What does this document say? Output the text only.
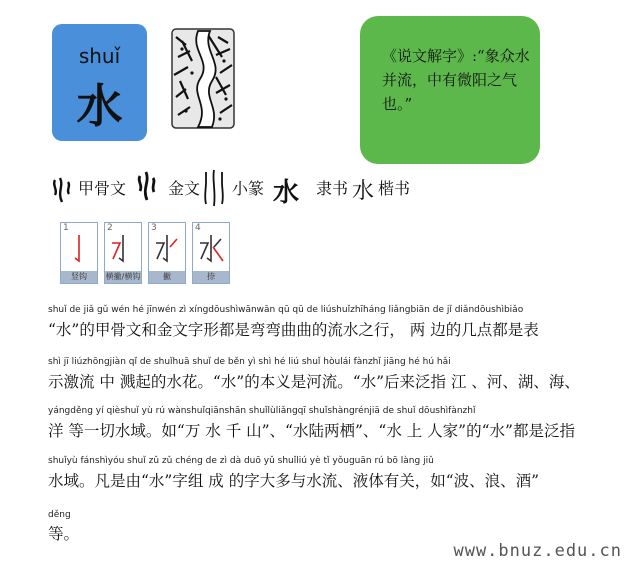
shuǐ
水
《说文解字》:“象众水并流，中有微阳之气也。”
甲骨文	金文 小篆 水 隶书 水 楷书
1
竖钩
2
横撇/横钩
3
撇
4
捺
shuǐ de jiǎ gǔ wén hé jīnwén zì xíngdōushìwānwān qū qū de liúshuǐzhīháng liǎngbiān de jǐ diǎndōushìbiǎo
“水”的甲骨文和金文字形都是弯弯曲曲的流水之行， 两 边的几点都是表
shì jī liúzhōngjiàn qǐ de shuǐhuā shuǐ de běn yì shì hé liú shuǐ hòulái fànzhǐ jiāng hé hú hǎi
示激流 中 溅起的水花。“水”的本义是河流。“水”后来泛指 江 、河、湖、海、
yángděng yí qièshuǐ yù rú wànshuǐqiānshān shuǐlùliǎngqī shuǐshàngrénjiā de shuǐ dōushìfànzhǐ
洋 等一切水域。如“万 水 千 山”、“水陆两栖”、“水 上 人家”的“水”都是泛指
shuǐyù fánshìyóu shuǐ zǔ zǔ chéng de zì dà duō yǔ shuǐliú yè tǐ yǒuguān rú bō làng jiǔ
水域。凡是由“水”字组 成 的字大多与水流、液体有关，如“波、浪、酒”
děng
等。
www.bnuz.edu.cn
